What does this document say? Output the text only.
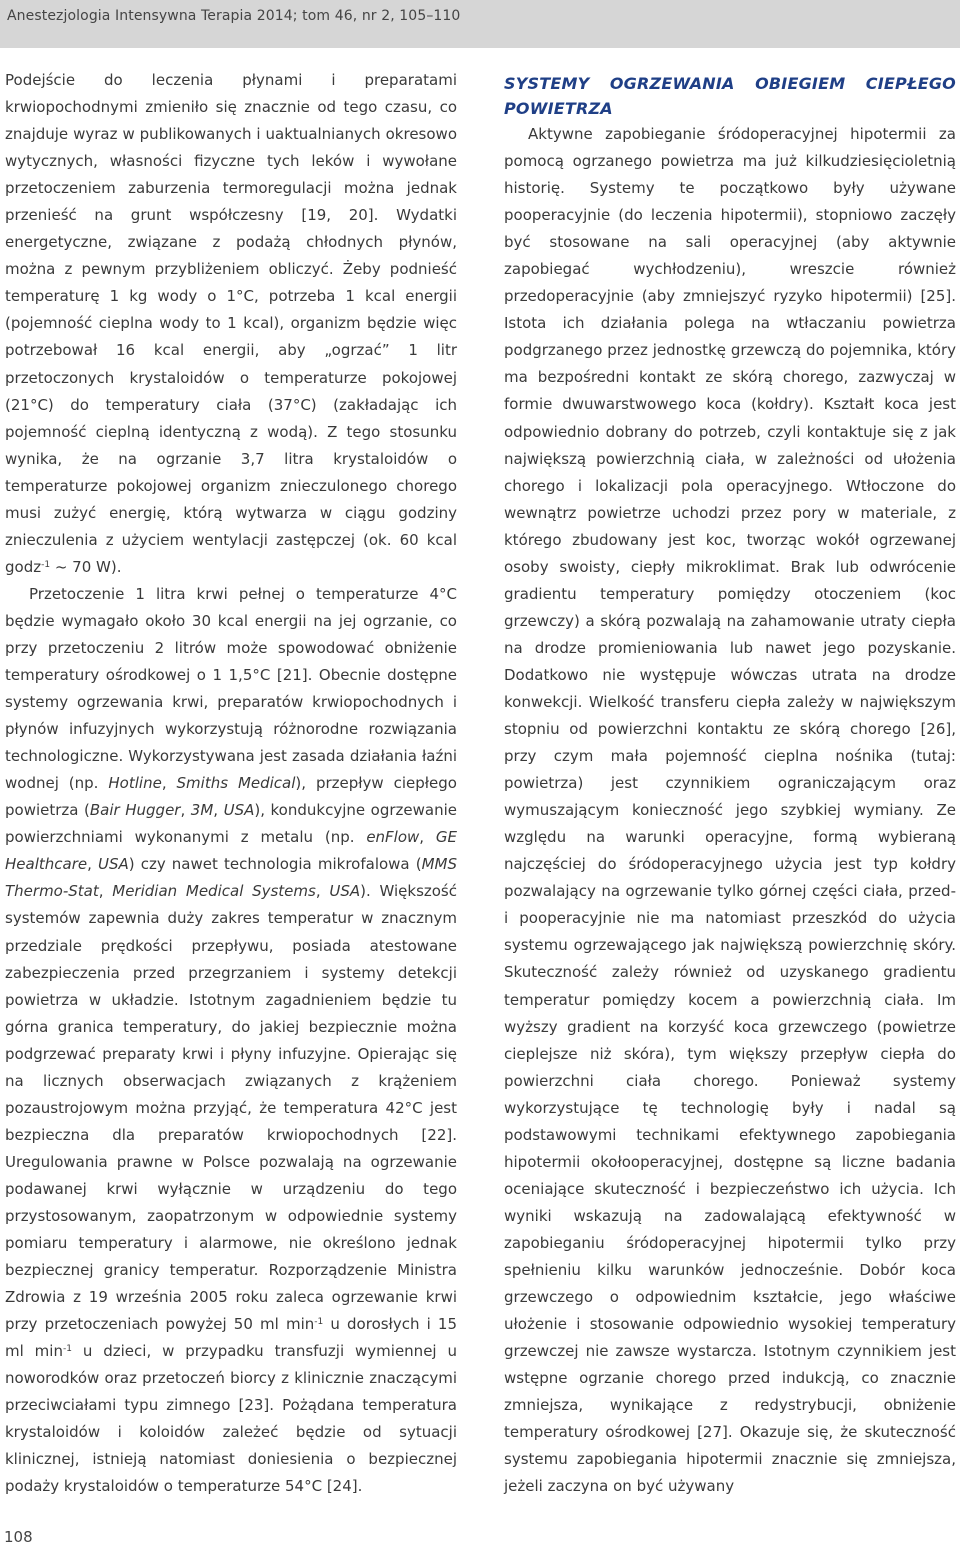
Anestezjologia Intensywna Terapia 2014; tom 46, nr 2, 105–110

Podejście do leczenia płynami i preparatami krwiopochodnymi zmieniło się znacznie od tego czasu, co znajduje wyraz w publikowanych i uaktualnianych okresowo wytycznych, własności fizyczne tych leków i wywołane przetoczeniem zaburzenia termoregulacji można jednak przenieść na grunt współczesny [19, 20]. Wydatki energetyczne, związane z podażą chłodnych płynów, można z pewnym przybliżeniem obliczyć. Żeby podnieść temperaturę 1 kg wody o 1°C, potrzeba 1 kcal energii (pojemność cieplna wody to 1 kcal), organizm będzie więc potrzebował 16 kcal energii, aby „ogrzać” 1 litr przetoczonych krystaloidów o temperaturze pokojowej (21°C) do temperatury ciała (37°C) (zakładając ich pojemność cieplną identyczną z wodą). Z tego stosunku wynika, że na ogrzanie 3,7 litra krystaloidów o temperaturze pokojowej organizm znieczulonego chorego musi zużyć energię, którą wytwarza w ciągu godziny znieczulenia z użyciem wentylacji zastępczej (ok. 60 kcal godz$^{-1}$ ~ 70 W).

Przetoczenie 1 litra krwi pełnej o temperaturze 4°C będzie wymagało około 30 kcal energii na jej ogrzanie, co przy przetoczeniu 2 litrów może spowodować obniżenie temperatury ośrodkowej o 1 1,5°C [21]. Obecnie dostępne systemy ogrzewania krwi, preparatów krwiopochodnych i płynów infuzyjnych wykorzystują różnorodne rozwiązania technologiczne. Wykorzystywana jest zasada działania łaźni wodnej (np. Hotline, Smiths Medical), przepływ ciepłego powietrza (Bair Hugger, 3M, USA), kondukcyjne ogrzewanie powierzchniami wykonanymi z metalu (np. enFlow, GE Healthcare, USA) czy nawet technologia mikrofalowa (MMS Thermo-Stat, Meridian Medical Systems, USA). Większość systemów zapewnia duży zakres temperatur w znacznym przedziale prędkości przepływu, posiada atestowane zabezpieczenia przed przegrzaniem i systemy detekcji powietrza w układzie. Istotnym zagadnieniem będzie tu górna granica temperatury, do jakiej bezpiecznie można podgrzewać preparaty krwi i płyny infuzyjne. Opierając się na licznych obserwacjach związanych z krążeniem pozaustrojowym można przyjąć, że temperatura 42°C jest bezpieczna dla preparatów krwiopochodnych [22]. Uregulowania prawne w Polsce pozwalają na ogrzewanie podawanej krwi wyłącznie w urządzeniu do tego przystosowanym, zaopatrzonym w odpowiednie systemy pomiaru temperatury i alarmowe, nie określono jednak bezpiecznej granicy temperatur. Rozporządzenie Ministra Zdrowia z 19 września 2005 roku zaleca ogrzewanie krwi przy przetoczeniach powyżej 50 ml $\min^{-1} u$ dorosłych i 15 ml $\min^{-1} u$ dzieci, w przypadku transfuzji wymiennej u noworodków oraz przetoczeń biorcy z klinicznie znaczącymi przeciwciałami typu zimnego [23]. Pożądana temperatura krystaloidów i koloidów zależeć będzie od sytuacji klinicznej, istnieją natomiast doniesienia o bezpiecznej podaży krystaloidów o temperaturze 54°C [24].

SYSTEMY OGRZEWANIA OBIEGIEM CIEPŁEGO POWIETRZA

Aktywne zapobieganie śródoperacyjnej hipotermii za pomocą ogrzanego powietrza ma już kilkudziesięcioletnią historię. Systemy te początkowo były używane pooperacyjnie (do leczenia hipotermii), stopniowo zaczęły być stosowane na sali operacyjnej (aby aktywnie zapobiegać wychłodzeniu), wreszcie również przedoperacyjnie (aby zmniejszyć ryzyko hipotermii) [25]. Istota ich działania polega na wtłaczaniu powietrza podgrzanego przez jednostkę grzewczą do pojemnika, który ma bezpośredni kontakt ze skórą chorego, zazwyczaj w formie dwuwarstwowego koca (kołdry). Kształt koca jest odpowiednio dobrany do potrzeb, czyli kontaktuje się z jak największą powierzchnią ciała, w zależności od ułożenia chorego i lokalizacji pola operacyjnego. Wtłoczone do wewnątrz powietrze uchodzi przez pory w materiale, z którego zbudowany jest koc, tworząc wokół ogrzewanej osoby swoisty, ciepły mikroklimat. Brak lub odwrócenie gradientu temperatury pomiędzy otoczeniem (koc grzewczy) a skórą pozwalają na zahamowanie utraty ciepła na drodze promieniowania lub nawet jego pozyskanie. Dodatkowo nie występuje wówczas utrata na drodze konwekcji. Wielkość transferu ciepła zależy w największym stopniu od powierzchni kontaktu ze skórą chorego [26], przy czym mała pojemność cieplna nośnika (tutaj: powietrza) jest czynnikiem ograniczającym oraz wymuszającym konieczność jego szybkiej wymiany. Ze względu na warunki operacyjne, formą wybieraną najczęściej do śródoperacyjnego użycia jest typ kołdry pozwalający na ogrzewanie tylko górnej części ciała, przed- i pooperacyjnie nie ma natomiast przeszkód do użycia systemu ogrzewającego jak największą powierzchnię skóry. Skuteczność zależy również od uzyskanego gradientu temperatur pomiędzy kocem a powierzchnią ciała. Im wyższy gradient na korzyść koca grzewczego (powietrze cieplejsze niż skóra), tym większy przepływ ciepła do powierzchni ciała chorego. Ponieważ systemy wykorzystujące tę technologię były i nadal są podstawowymi technikami efektywnego zapobiegania hipotermii okołooperacyjnej, dostępne są liczne badania oceniające skuteczność i bezpieczeństwo ich użycia. Ich wyniki wskazują na zadowalającą efektywność w zapobieganiu śródoperacyjnej hipotermii tylko przy spełnieniu kilku warunków jednocześnie. Dobór koca grzewczego o odpowiednim kształcie, jego właściwe ułożenie i stosowanie odpowiednio wysokiej temperatury grzewczej nie zawsze wystarcza. Istotnym czynnikiem jest wstępne ogrzanie chorego przed indukcją, co znacznie zmniejsza, wynikające z redystrybucji, obniżenie temperatury ośrodkowej [27]. Okazuje się, że skuteczność systemu zapobiegania hipotermii znacznie się zmniejsza, jeżeli zaczyna on być używany

108
